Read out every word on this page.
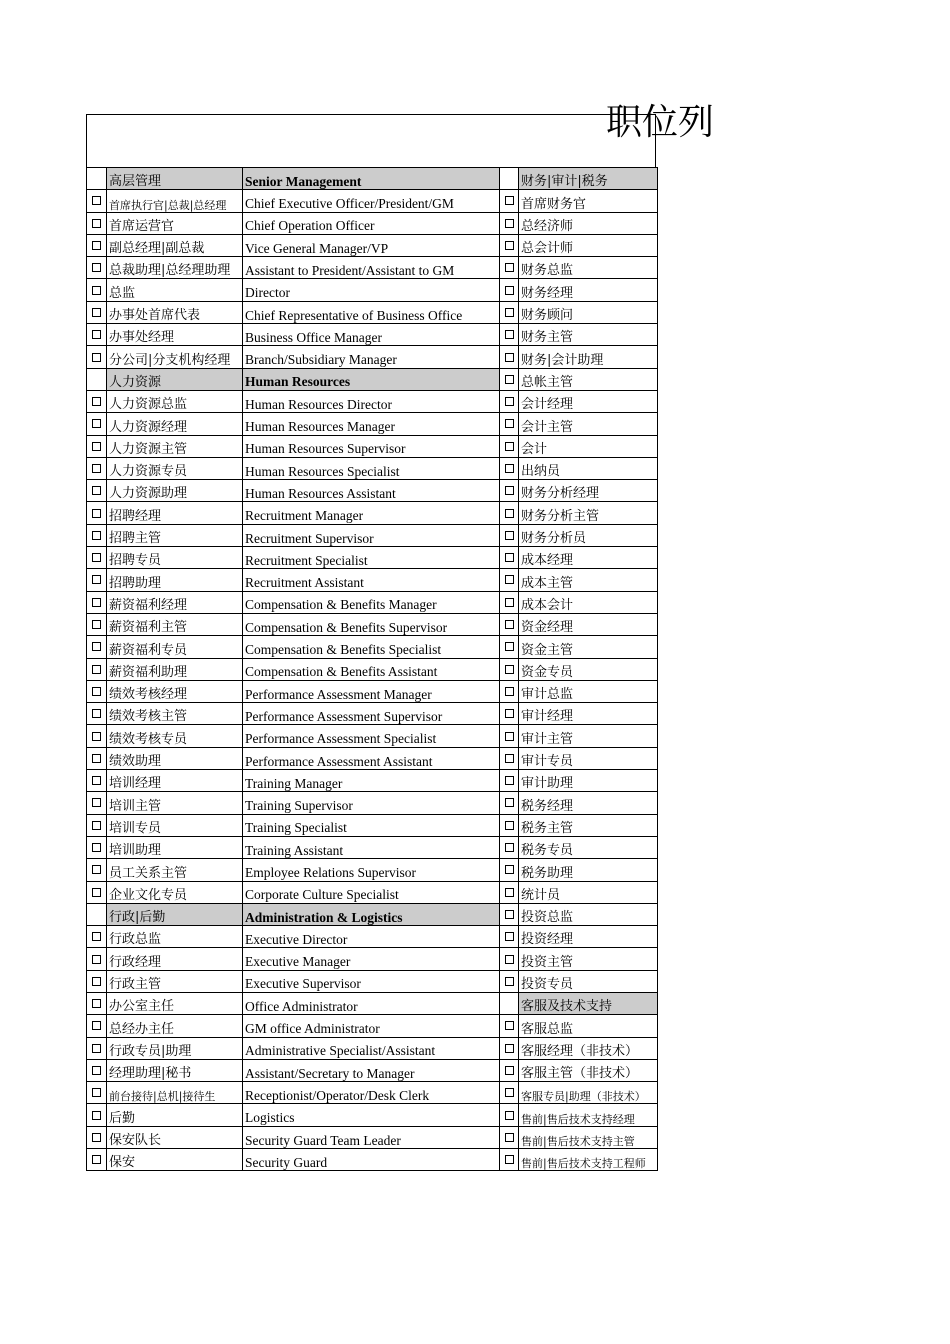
职位列

	高层管理	Senior Management		财务|审计|税务

	首席执行官|总裁|总经理	Chief Executive Officer/President/GM		首席财务官

	首席运营官	Chief Operation Officer		总经济师

	副总经理|副总裁	Vice General Manager/VP		总会计师

	总裁助理|总经理助理	Assistant to President/Assistant to GM		财务总监

	总监	Director		财务经理

	办事处首席代表	Chief Representative of Business Office		财务顾问

	办事处经理	Business Office Manager		财务主管

	分公司|分支机构经理	Branch/Subsidiary Manager		财务|会计助理

	人力资源	Human Resources		总帐主管

	人力资源总监	Human Resources Director		会计经理

	人力资源经理	Human Resources Manager		会计主管

	人力资源主管	Human Resources Supervisor		会计

	人力资源专员	Human Resources Specialist		出纳员

	人力资源助理	Human Resources Assistant		财务分析经理

	招聘经理	Recruitment Manager		财务分析主管

	招聘主管	Recruitment Supervisor		财务分析员

	招聘专员	Recruitment Specialist		成本经理

	招聘助理	Recruitment Assistant		成本主管

	薪资福利经理	Compensation & Benefits Manager		成本会计

	薪资福利主管	Compensation & Benefits Supervisor		资金经理

	薪资福利专员	Compensation & Benefits Specialist		资金主管

	薪资福利助理	Compensation & Benefits Assistant		资金专员

	绩效考核经理	Performance Assessment Manager		审计总监

	绩效考核主管	Performance Assessment Supervisor		审计经理

	绩效考核专员	Performance Assessment Specialist		审计主管

	绩效助理	Performance Assessment Assistant		审计专员

	培训经理	Training Manager		审计助理

	培训主管	Training Supervisor		税务经理

	培训专员	Training Specialist		税务主管

	培训助理	Training Assistant		税务专员

	员工关系主管	Employee Relations Supervisor		税务助理

	企业文化专员	Corporate Culture Specialist		统计员

	行政|后勤	Administration & Logistics		投资总监

	行政总监	Executive Director		投资经理

	行政经理	Executive Manager		投资主管

	行政主管	Executive Supervisor		投资专员

	办公室主任	Office Administrator		客服及技术支持

	总经办主任	GM office Administrator		客服总监

	行政专员|助理	Administrative Specialist/Assistant		客服经理（非技术）

	经理助理|秘书	Assistant/Secretary to Manager		客服主管（非技术）

	前台接待|总机|接待生	Receptionist/Operator/Desk Clerk		客服专员|助理（非技术）

	后勤	Logistics		售前|售后技术支持经理

	保安队长	Security Guard Team Leader		售前|售后技术支持主管

	保安	Security Guard		售前|售后技术支持工程师
